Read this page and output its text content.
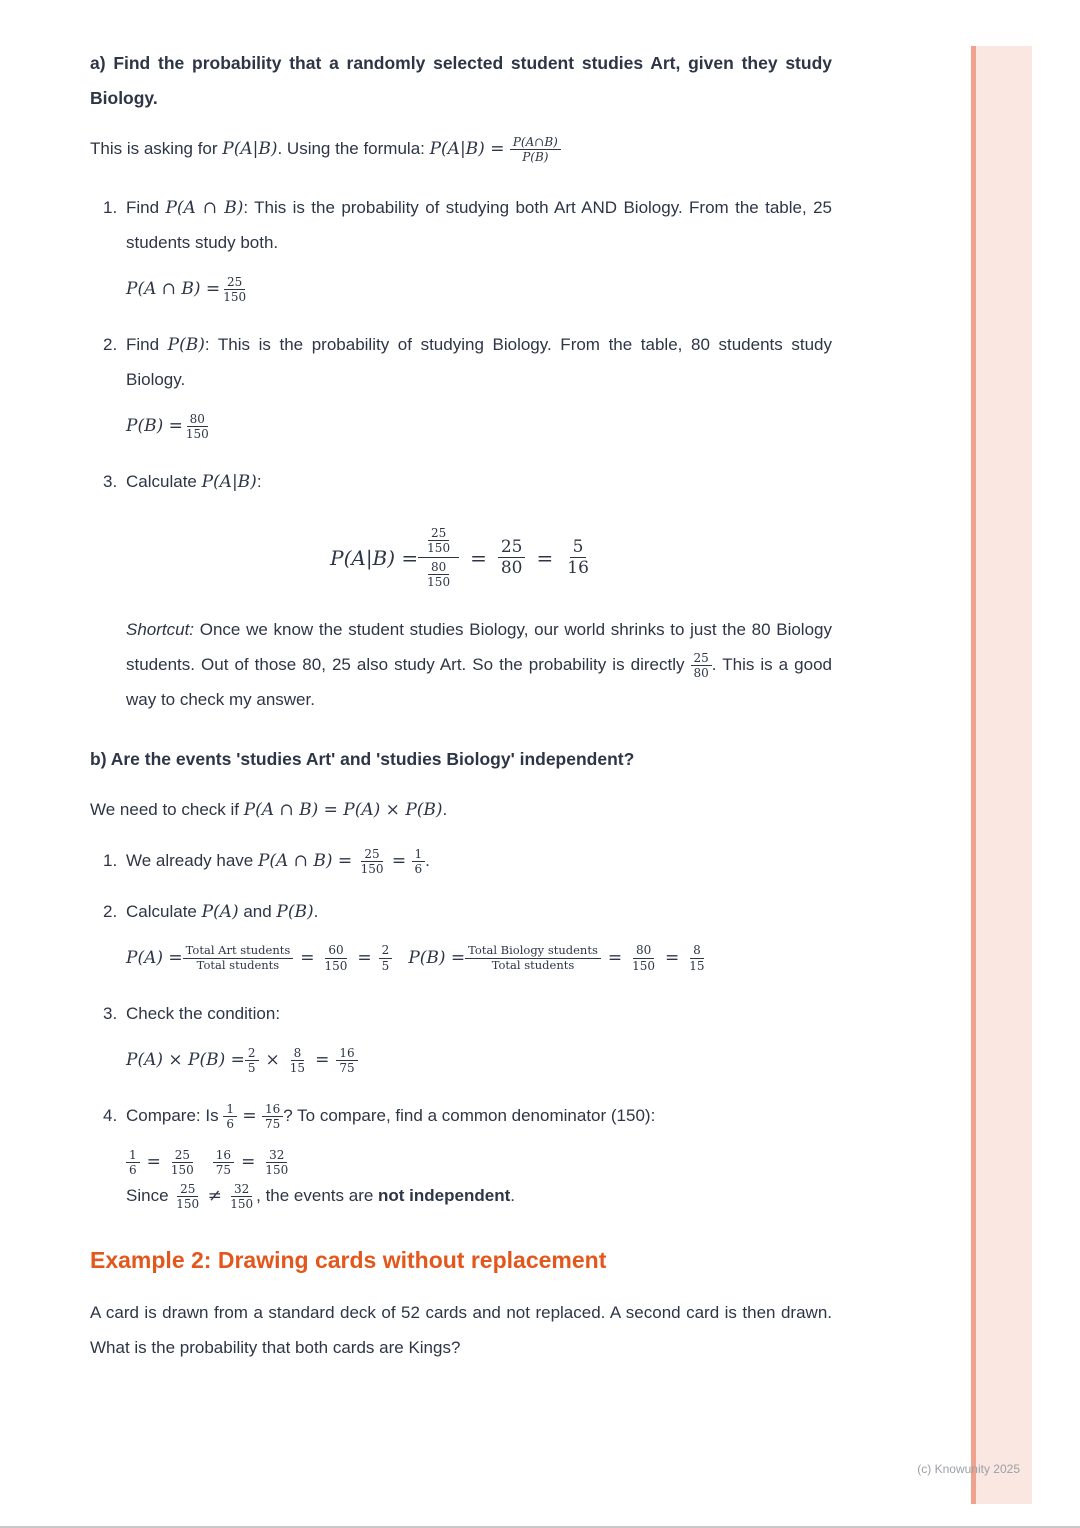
(c) Knowunity 2025

a) Find the probability that a randomly selected student studies Art, given they study Biology.

This is asking for P(A|B). Using the formula: $P(A|B) = \frac{P(A\cap B)}{P(B)}$

1. Find P(A ∩ B): This is the probability of studying both Art AND Biology. From the table, 25 students study both.

P(A ∩ $B) = \frac{25}{150}$

2. Find P(B): This is the probability of studying Biology. From the table, 80 students study Biology.

$P(B) = \frac{80}{150}$

3. Calculate P(A|B):

$P(A|B) = \frac{\frac{25}{150}}{\frac{80}{150}} = \frac{25}{80} = \frac{5}{16}$

Shortcut: Once we know the student studies Biology, our world shrinks to just the 80 Biology students. Out of those 80, 25 also study Art. So the probability is directly $\frac{25}{80}$ . This is a good way to check my answer.

b) Are the events 'studies Art' and 'studies Biology' independent?

We need to check if P(A ∩ B) = P(A) × P(B).

1. We already have P(A ∩ $B) = \frac{25}{150} = \frac{1}{6}$ .

2. Calculate P(A) and P(B).

$P(A) = \frac{\text{Total Art students}}{\text{Total students}} = \frac{60}{150} = \frac{2}{5} P(B) = \frac{\text{Total Biology students}}{\text{Total students}} = \frac{80}{150} = \frac{8}{15}$

3. Check the condition:

$P(A) \times P(B) = \frac{2}{5} \times \frac{8}{15} = \frac{16}{75}$

4. Compare: Is $\frac{1}{6} = \frac{16}{75}$ ? To compare, find a common denominator (150):

$\frac{1}{6} = \frac{25}{150} \frac{16}{75} = \frac{32}{150}$

Since $\frac{25}{150} \ne \frac{32}{150}$ , the events are not independent.

Example 2: Drawing cards without replacement

A card is drawn from a standard deck of 52 cards and not replaced. A second card is then drawn. What is the probability that both cards are Kings?
